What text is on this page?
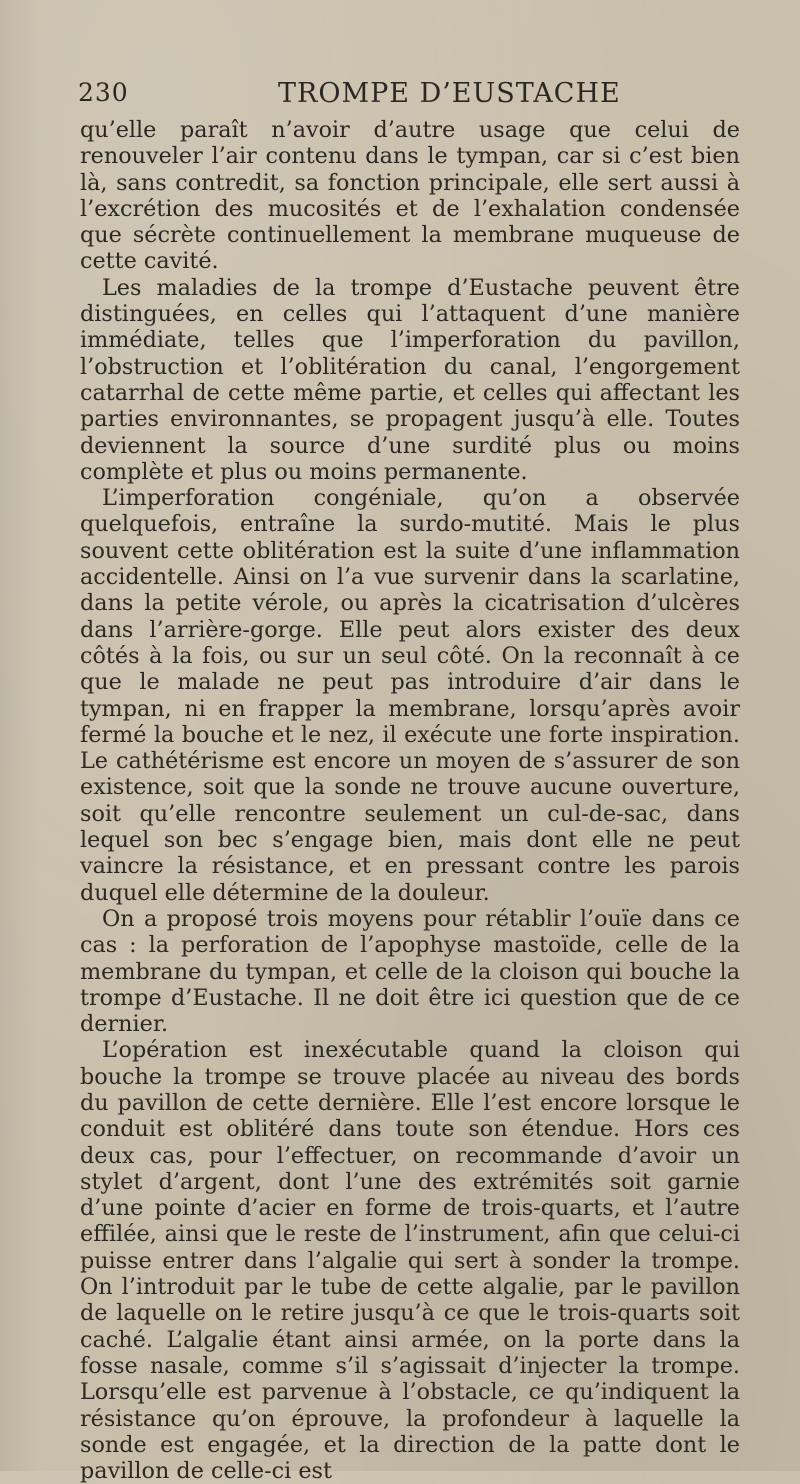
230	TROMPE D’EUSTACHE

qu’elle paraît n’avoir d’autre usage que celui de renouveler l’air contenu dans le tympan, car si c’est bien là, sans contredit, sa fonction principale, elle sert aussi à l’excrétion des mucosités et de l’exhalation condensée que sécrète continuellement la membrane muqueuse de cette cavité.

Les maladies de la trompe d’Eustache peuvent être distinguées, en celles qui l’attaquent d’une manière immédiate, telles que l’imperforation du pavillon, l’obstruction et l’oblitération du canal, l’engorgement catarrhal de cette même partie, et celles qui affectant les parties environnantes, se propagent jusqu’à elle. Toutes deviennent la source d’une surdité plus ou moins complète et plus ou moins permanente.

L’imperforation congéniale, qu’on a observée quelquefois, entraîne la surdo-mutité. Mais le plus souvent cette oblitération est la suite d’une inflammation accidentelle. Ainsi on l’a vue survenir dans la scarlatine, dans la petite vérole, ou après la cicatrisation d’ulcères dans l’arrière-gorge. Elle peut alors exister des deux côtés à la fois, ou sur un seul côté. On la reconnaît à ce que le malade ne peut pas introduire d’air dans le tympan, ni en frapper la membrane, lorsqu’après avoir fermé la bouche et le nez, il exécute une forte inspiration. Le cathétérisme est encore un moyen de s’assurer de son existence, soit que la sonde ne trouve aucune ouverture, soit qu’elle rencontre seulement un cul-de-sac, dans lequel son bec s’engage bien, mais dont elle ne peut vaincre la résistance, et en pressant contre les parois duquel elle détermine de la douleur.

On a proposé trois moyens pour rétablir l’ouïe dans ce cas : la perforation de l’apophyse mastoïde, celle de la membrane du tympan, et celle de la cloison qui bouche la trompe d’Eustache. Il ne doit être ici question que de ce dernier.

L’opération est inexécutable quand la cloison qui bouche la trompe se trouve placée au niveau des bords du pavillon de cette dernière. Elle l’est encore lorsque le conduit est oblitéré dans toute son étendue. Hors ces deux cas, pour l’effectuer, on recommande d’avoir un stylet d’argent, dont l’une des extrémités soit garnie d’une pointe d’acier en forme de trois-quarts, et l’autre effilée, ainsi que le reste de l’instrument, afin que celui-ci puisse entrer dans l’algalie qui sert à sonder la trompe. On l’introduit par le tube de cette algalie, par le pavillon de laquelle on le retire jusqu’à ce que le trois-quarts soit caché. L’algalie étant ainsi armée, on la porte dans la fosse nasale, comme s’il s’agissait d’injecter la trompe. Lorsqu’elle est parvenue à l’obstacle, ce qu’indiquent la résistance qu’on éprouve, la profondeur à laquelle la sonde est engagée, et la direction de la patte dont le pavillon de celle-ci est
